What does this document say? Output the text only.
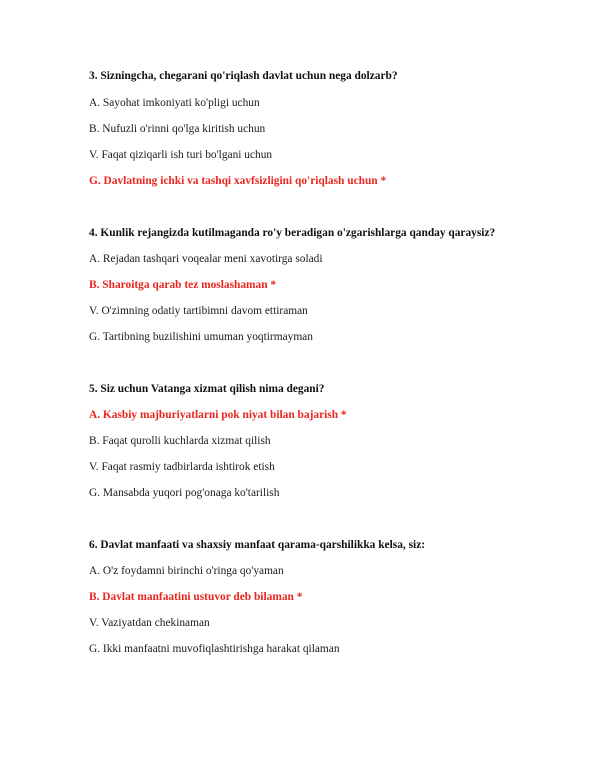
3. Sizningcha, chegarani qo'riqlash davlat uchun nega dolzarb?
A. Sayohat imkoniyati ko'pligi uchun
B. Nufuzli o'rinni qo'lga kiritish uchun
V. Faqat qiziqarli ish turi bo'lgani uchun
G. Davlatning ichki va tashqi xavfsizligini qo'riqlash uchun *
4. Kunlik rejangizda kutilmaganda ro'y beradigan o'zgarishlarga qanday qaraysiz?
A. Rejadan tashqari voqealar meni xavotirga soladi
B. Sharoitga qarab tez moslashaman *
V. O'zimning odatiy tartibimni davom ettiraman
G. Tartibning buzilishini umuman yoqtirmayman
5. Siz uchun Vatanga xizmat qilish nima degani?
A. Kasbiy majburiyatlarni pok niyat bilan bajarish *
B. Faqat qurolli kuchlarda xizmat qilish
V. Faqat rasmiy tadbirlarda ishtirok etish
G. Mansabda yuqori pog'onaga ko'tarilish
6. Davlat manfaati va shaxsiy manfaat qarama-qarshilikka kelsa, siz:
A. O'z foydamni birinchi o'ringa qo'yaman
B. Davlat manfaatini ustuvor deb bilaman *
V. Vaziyatdan chekinaman
G. Ikki manfaatni muvofiqlashtirishga harakat qilaman
